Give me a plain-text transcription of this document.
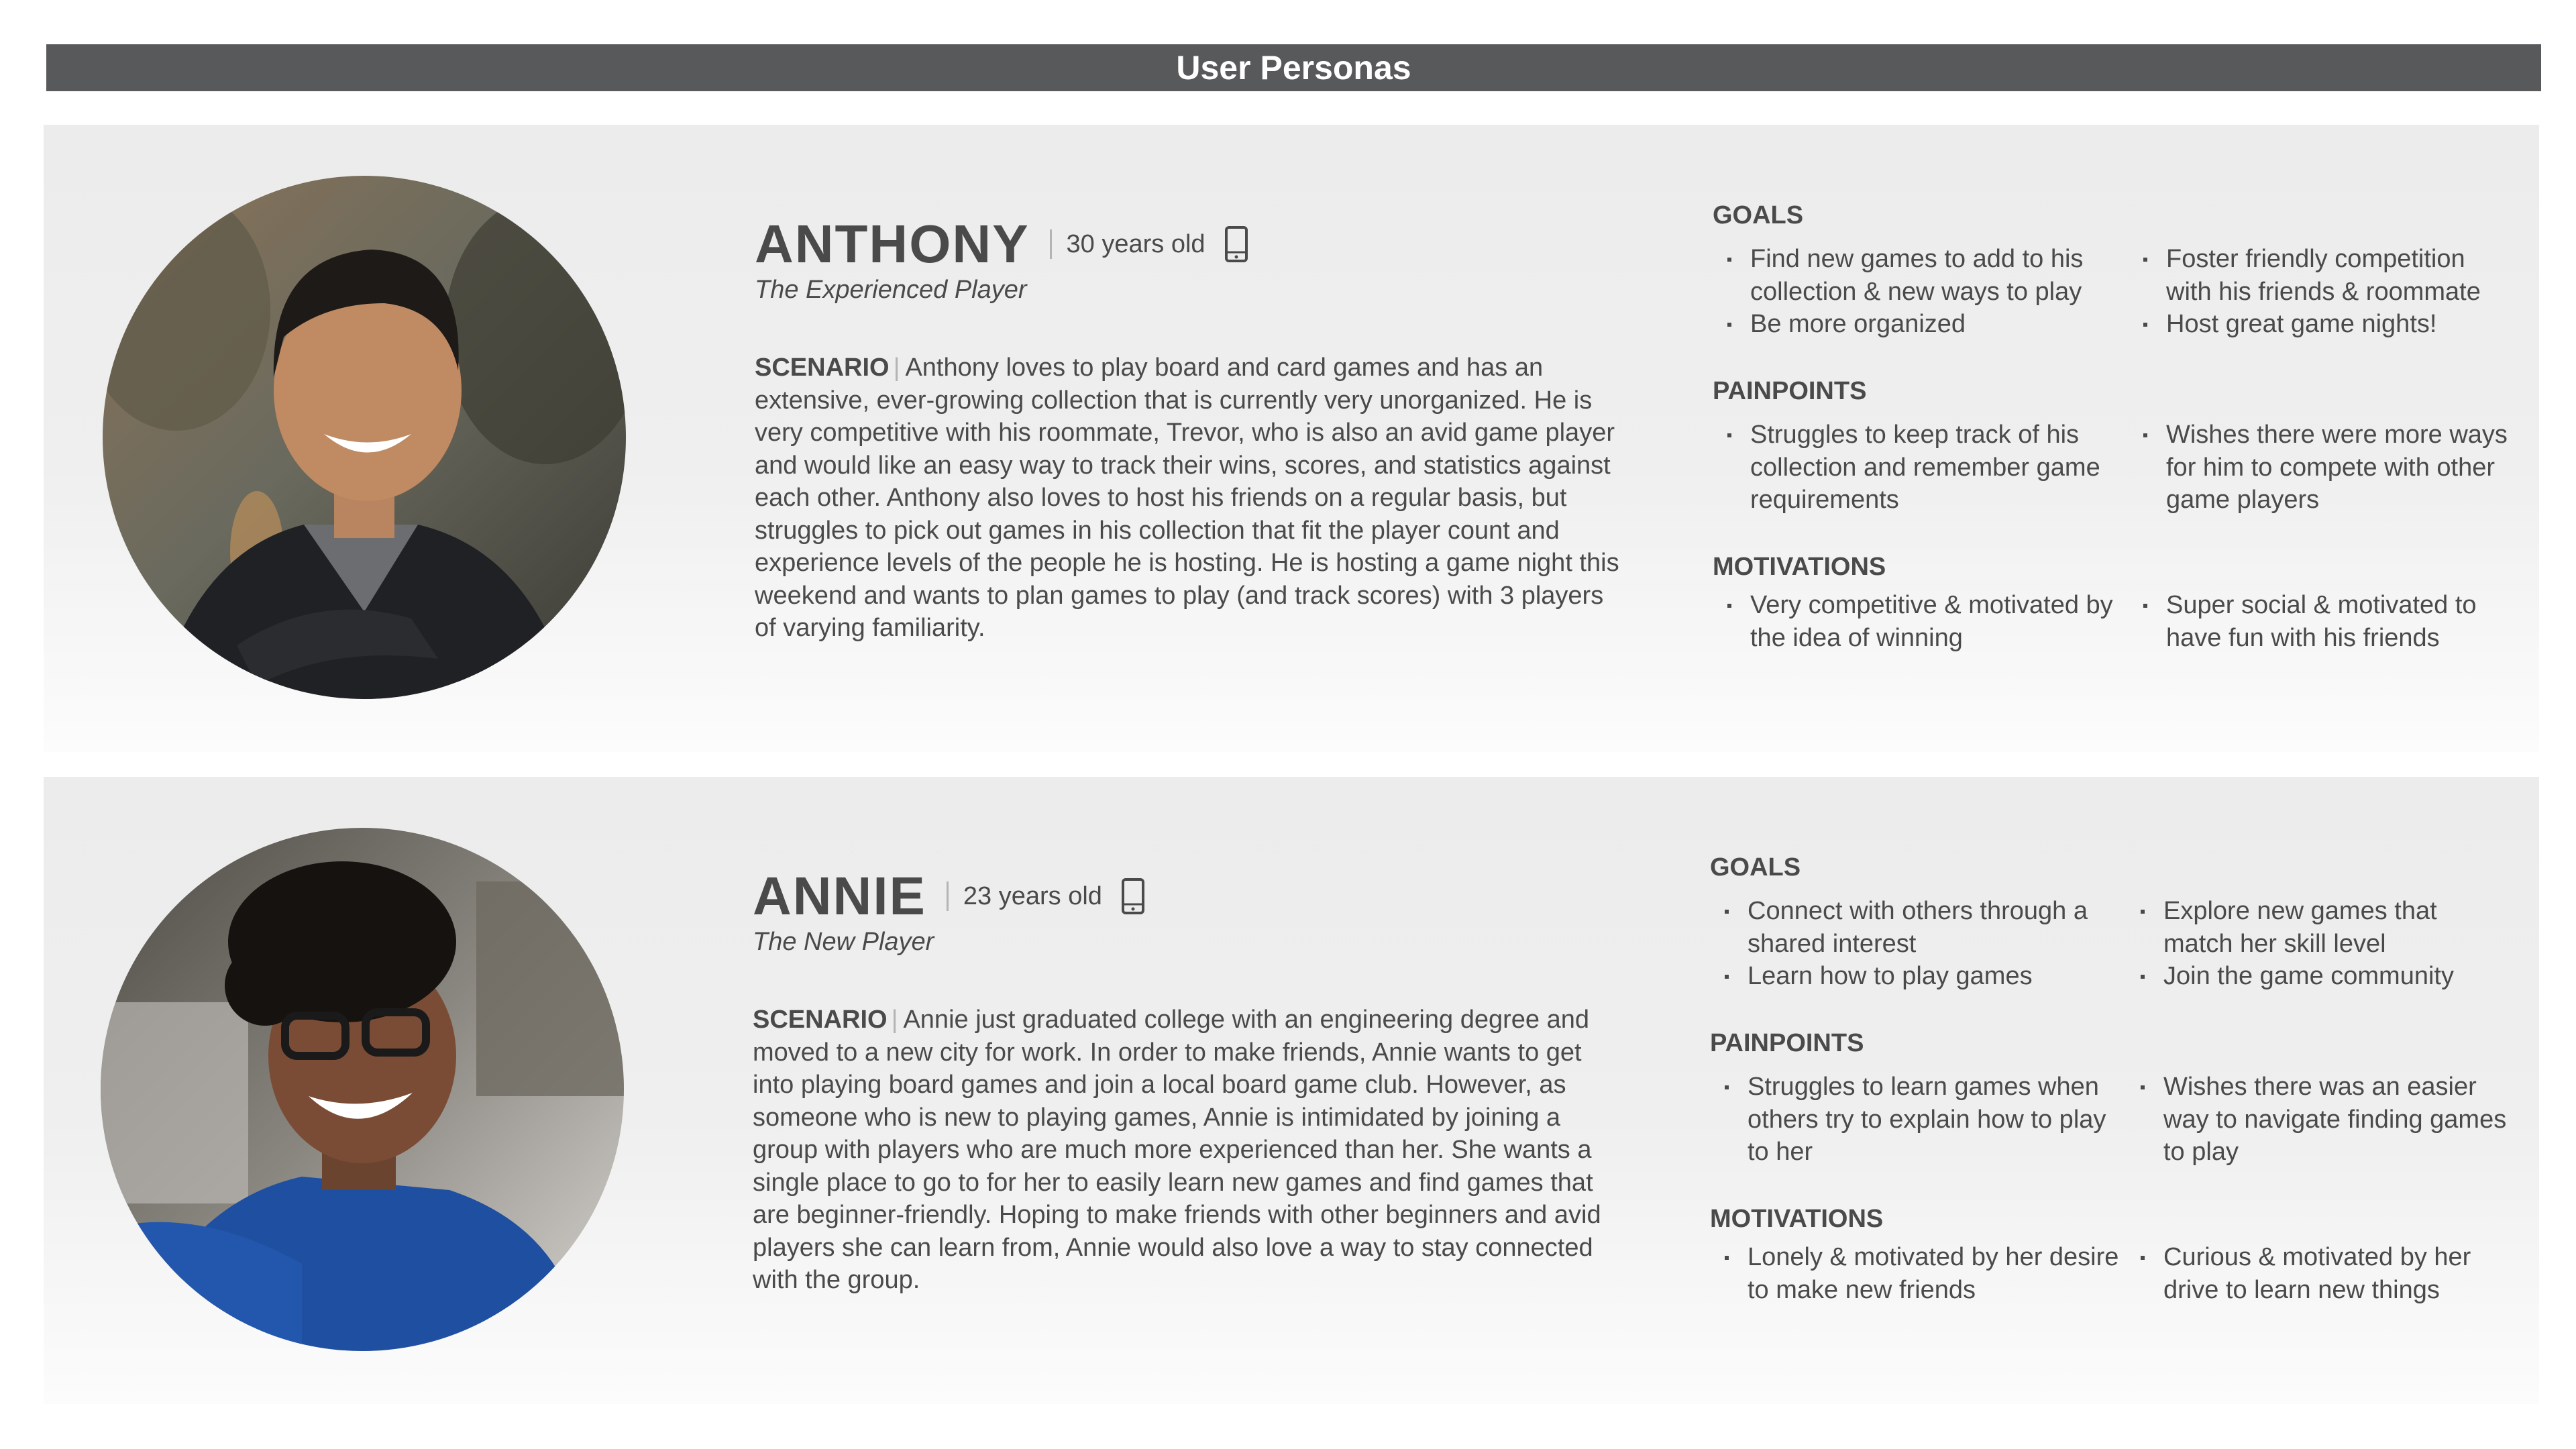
User Personas
ANTHONY 30 years old
The Experienced Player

SCENARIO | Anthony loves to play board and card games and has an extensive, ever-growing collection that is currently very unorganized. He is very competitive with his roommate, Trevor, who is also an avid game player and would like an easy way to track their wins, scores, and statistics against each other. Anthony also loves to host his friends on a regular basis, but struggles to pick out games in his collection that fit the player count and experience levels of the people he is hosting. He is hosting a game night this weekend and wants to plan games to play (and track scores) with 3 players of varying familiarity.

GOALS
Find new games to add to his collection & new ways to play
Be more organized
Foster friendly competition with his friends & roommate
Host great game nights!
PAINPOINTS
Struggles to keep track of his collection and remember game requirements
Wishes there were more ways for him to compete with other game players
MOTIVATIONS
Very competitive & motivated by the idea of winning
Super social & motivated to have fun with his friends
ANNIE 23 years old
The New Player

SCENARIO | Annie just graduated college with an engineering degree and moved to a new city for work. In order to make friends, Annie wants to get into playing board games and join a local board game club. However, as someone who is new to playing games, Annie is intimidated by joining a group with players who are much more experienced than her. She wants a single place to go to for her to easily learn new games and find games that are beginner-friendly. Hoping to make friends with other beginners and avid players she can learn from, Annie would also love a way to stay connected with the group.

GOALS
Connect with others through a shared interest
Learn how to play games
Explore new games that match her skill level
Join the game community
PAINPOINTS
Struggles to learn games when others try to explain how to play to her
Wishes there was an easier way to navigate finding games to play
MOTIVATIONS
Lonely & motivated by her desire to make new friends
Curious & motivated by her drive to learn new things
